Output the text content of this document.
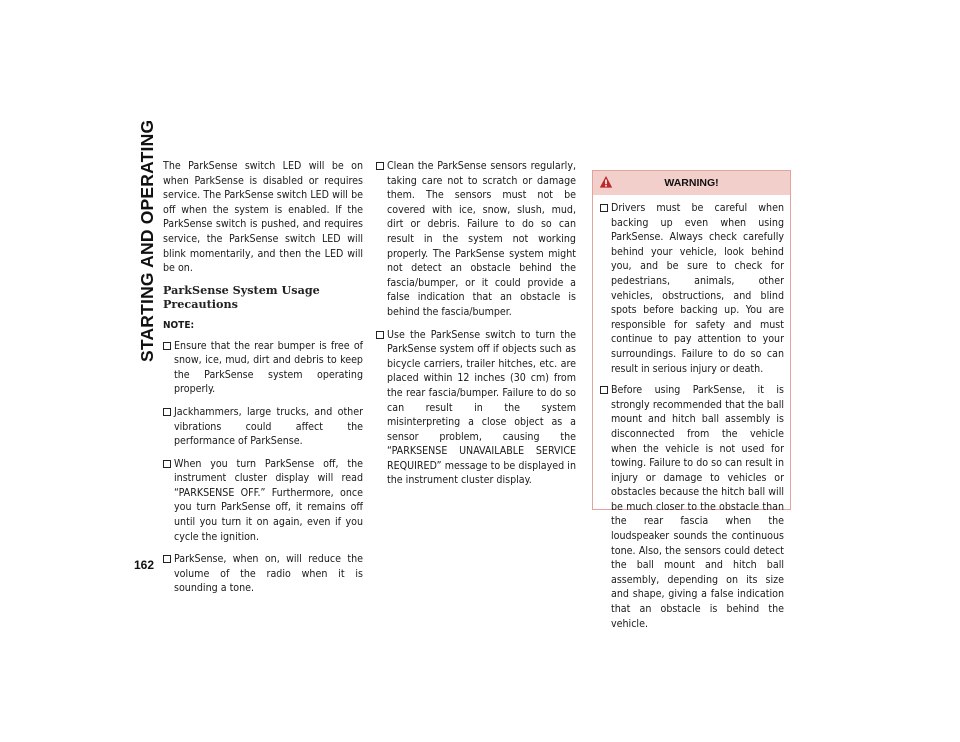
STARTING AND OPERATING
162

The ParkSense switch LED will be on when ParkSense is disabled or requires service. The ParkSense switch LED will be off when the system is enabled. If the ParkSense switch is pushed, and requires service, the ParkSense switch LED will blink momentarily, and then the LED will be on.

ParkSense System Usage Precautions
NOTE:
Ensure that the rear bumper is free of snow, ice, mud, dirt and debris to keep the ParkSense system operating properly.
Jackhammers, large trucks, and other vibrations could affect the performance of ParkSense.
When you turn ParkSense off, the instrument cluster display will read “PARKSENSE OFF.” Furthermore, once you turn ParkSense off, it remains off until you turn it on again, even if you cycle the ignition.
ParkSense, when on, will reduce the volume of the radio when it is sounding a tone.
Clean the ParkSense sensors regularly, taking care not to scratch or damage them. The sensors must not be covered with ice, snow, slush, mud, dirt or debris. Failure to do so can result in the system not working properly. The ParkSense system might not detect an obstacle behind the fascia/bumper, or it could provide a false indication that an obstacle is behind the fascia/bumper.
Use the ParkSense switch to turn the ParkSense system off if objects such as bicycle carriers, trailer hitches, etc. are placed within 12 inches (30 cm) from the rear fascia/bumper. Failure to do so can result in the system misinterpreting a close object as a sensor problem, causing the “PARKSENSE UNAVAILABLE SERVICE REQUIRED” message to be displayed in the instrument cluster display.
WARNING!
Drivers must be careful when backing up even when using ParkSense. Always check carefully behind your vehicle, look behind you, and be sure to check for pedestrians, animals, other vehicles, obstructions, and blind spots before backing up. You are responsible for safety and must continue to pay attention to your surroundings. Failure to do so can result in serious injury or death.
Before using ParkSense, it is strongly recommended that the ball mount and hitch ball assembly is disconnected from the vehicle when the vehicle is not used for towing. Failure to do so can result in injury or damage to vehicles or obstacles because the hitch ball will be much closer to the obstacle than the rear fascia when the loudspeaker sounds the continuous tone. Also, the sensors could detect the ball mount and hitch ball assembly, depending on its size and shape, giving a false indication that an obstacle is behind the vehicle.
